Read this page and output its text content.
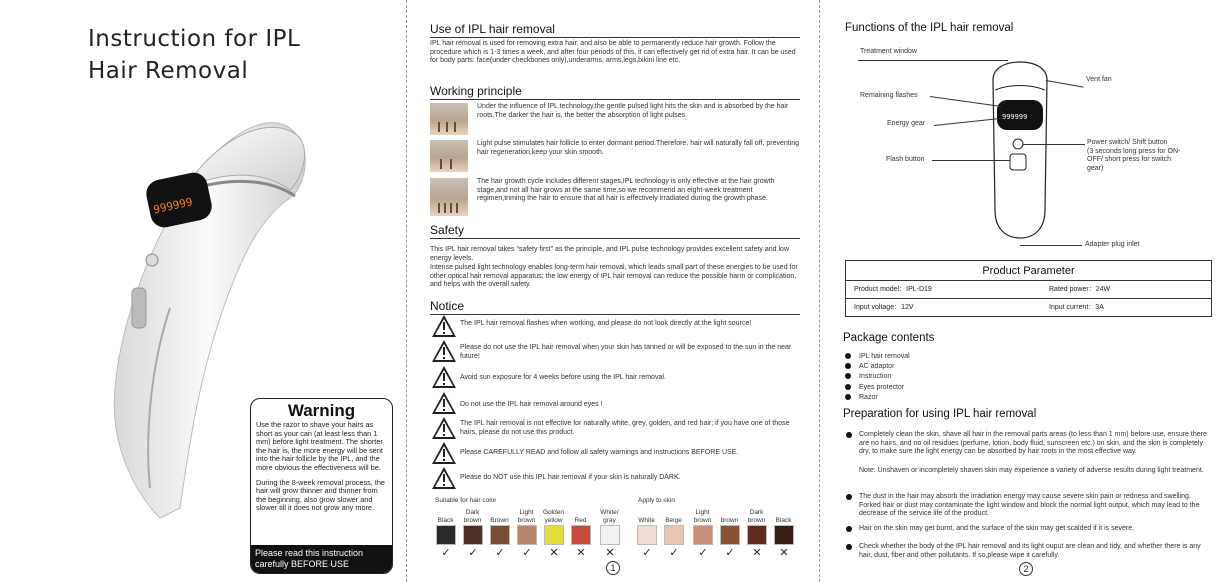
Instruction for IPL
Hair Removal
999999
Warning
Use the razor to shave your hairs as short as your can (at least less than 1 mm) before light treatment. The shorter the hair is, the more energy will be sent into the hair follicle by the IPL, and the more obvious the effectiveness will be.
During the 8-week removal process, the hair will grow thinner and thinner from the beginning, also grow slower and slower till it does not grow any more.
Please read this instruction carefully BEFORE USE
Use of IPL hair removal
IPL hair removal is used for removing extra hair, and also be able to permanently reduce hair growth. Follow the procedure which is 1-3 times a week, and after four periods of this, it can effectively get rid of extra hair. It can be used for body parts: face(under checkbones only),underarms, arms,legs,bikini line etc.
Working principle
Under the influence of IPL technology,the gentle pulsed light hits the skin and is absorbed by the hair roots.The darker the hair is, the better the absorption of light pulses.
Light pulse stimulates hair follicle to enter dormant period.Therefore, hair will naturally fall off, preventing hair regeneration,keep your skin smooth.
The hair growth cycle includes different stages,IPL technology is only effective at the hair growth stage,and not all hair grows at the same time,so we recommend an eight-week treatment regimen,triming the hair to ensure that all hair is effectively irradiated during the growth phase.
Safety
This IPL hair removal takes “safety first” as the principle, and IPL pulse technology provides excellent safety and low energy levels.
Intense pulsed light technology enables long-term hair removal, which leads small part of these energies to be used for other optical hair removal apparatus; the low energy of IPL hair removal can reduce the possible harm or complication, and helps with the overall safety.
Notice
The IPL hair removal flashes when working, and please do not look directly at the light source!
Please do not use the IPL hair removal when your skin has tanned or will be exposed to the sun in the near future!
Avoid sun exposure for 4 weeks before using the IPL hair removal.
Do not use the IPL hair removal around eyes !
The IPL hair removal is not effective for naturally white, grey, golden, and red hair; if you have one of those hairs, please do not use this product.
Please CAREFULLY READ and follow all safety warnings and instructions BEFORE USE.
Please do NOT use this IPL hair removal if your skin is naturally DARK.
Suitable for hair color	Apply to skin
Black
✓
Dark brown
✓
Brown
✓
Light brown
✓
Golden yellow
✕
Red
✕
White/ gray
✕
White
✓
Beige
✓
Light brown
✓
brown
✓
Dark brown
✕
Black
✕
1
Functions of the IPL hair removal
999999
Treatment window
Remaining flashes
Energy gear
Flash button
Vent fan
Power switch/ Shift button
(3 seconds long press for ON-OFF/ short press for switch gear)
Adapter plug inlet
Product Parameter
Product model：IPL-D19	Rated power：24W
Input voltage：12V	Input current：3A
Package contents
IPL hair removal
AC adaptor
Instruction
Eyes protector
Razor
Preparation for using IPL hair removal
Completely clean the skin, shave all hair in the removal parts areas (to less than 1 mm) before use, ensure there are no hairs, and no oil residues (perfume, lotion, body fluid, sunscreen etc.) on skin, and the skin is completely dry, to make sure the light energy can be absorbed by hair roots in the most effective way.
Note: Unshaven or incompletely shaven skin may experience a variety of adverse results during light treatment.
The dust in the hair may absorb the irradiation energy may cause severe skin pain or redness and swelling. Forked hair or dust may contaminate the light window and block the normal light output, which may lead to the decrease of the service life of the product.
Hair on the skin may get burnt, and the surface of the skin may get scalded if it is severe.
Check whether the body of the IPL hair removal and its light ouput are clean and tidy, and whether there is any hair, dust, fiber and other pollutants. If so,please wipe it carefully.
2
